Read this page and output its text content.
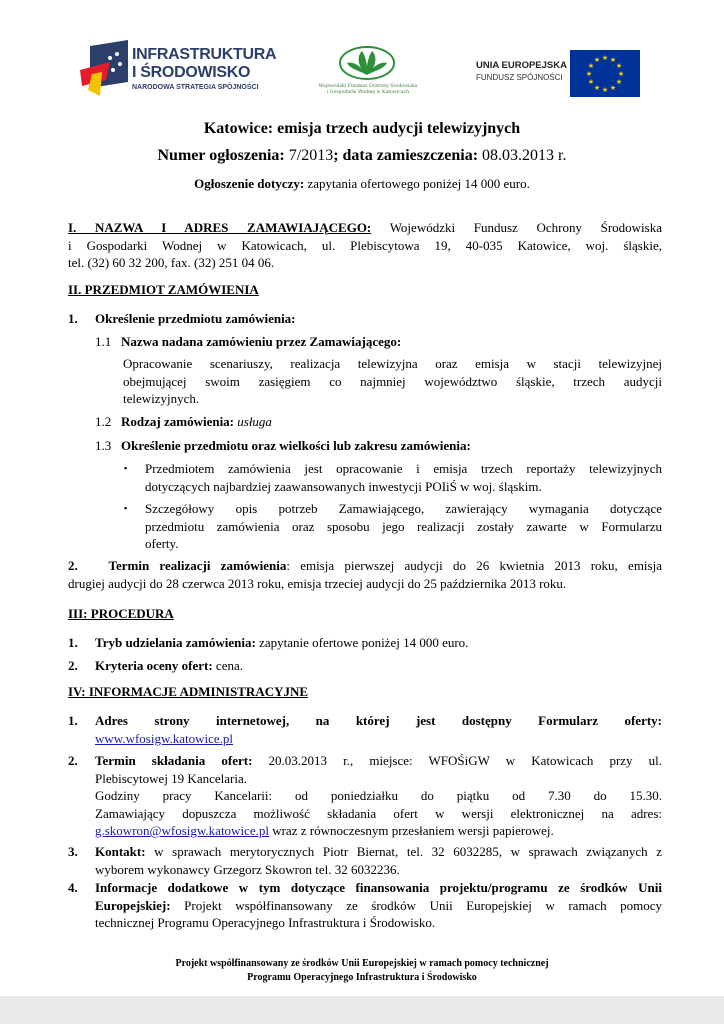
INFRASTRUKTURA
I ŚRODOWISKO
NARODOWA STRATEGIA SPÓJNOŚCI	Wojewódzki Fundusz Ochrony Środowiska
i Gospodarki Wodnej w Katowicach
UNIA EUROPEJSKA
FUNDUSZ SPÓJNOŚCI
★ ★
★
★
★
★
★
★
★
★
★
★
Katowice: emisja trzech audycji telewizyjnych
Numer ogłoszenia: 7/2013; data zamieszczenia: 08.03.2013 r.
Ogłoszenie dotyczy: zapytania ofertowego poniżej 14 000 euro.
I. NAZWA I ADRES ZAMAWIAJĄCEGO: Wojewódzki Fundusz Ochrony Środowiska
i Gospodarki Wodnej w Katowicach, ul. Plebiscytowa 19, 40-035 Katowice, woj. śląskie,
tel. (32) 60 32 200, fax. (32) 251 04 06.
II. PRZEDMIOT ZAMÓWIENIA
1. Określenie przedmiotu zamówienia:
1.1 Nazwa nadana zamówieniu przez Zamawiającego:
Opracowanie scenariuszy, realizacja telewizyjna oraz emisja w stacji telewizyjnej
obejmującej swoim zasięgiem co najmniej województwo śląskie, trzech audycji
telewizyjnych.
1.2 Rodzaj zamówienia: usługa
1.3 Określenie przedmiotu oraz wielkości lub zakresu zamówienia:
▪ Przedmiotem zamówienia jest opracowanie i emisja trzech reportaży telewizyjnych
dotyczących najbardziej zaawansowanych inwestycji POIiŚ w woj. śląskim.
▪ Szczegółowy opis potrzeb Zamawiającego, zawierający wymagania dotyczące
przedmiotu zamówienia oraz sposobu jego realizacji zostały zawarte w Formularzu
oferty.
2. Termin realizacji zamówienia: emisja pierwszej audycji do 26 kwietnia 2013 roku, emisja
drugiej audycji do 28 czerwca 2013 roku, emisja trzeciej audycji do 25 października 2013 roku.
III: PROCEDURA
1. Tryb udzielania zamówienia: zapytanie ofertowe poniżej 14 000 euro.
2. Kryteria oceny ofert: cena.
IV: INFORMACJE ADMINISTRACYJNE
1. Adres strony internetowej, na której jest dostępny Formularz oferty:
www.wfosigw.katowice.pl
2. Termin składania ofert: 20.03.2013 r., miejsce: WFOŚiGW w Katowicach przy ul.
Plebiscytowej 19 Kancelaria.
Godziny pracy Kancelarii: od poniedziałku do piątku od 7.30 do 15.30.
Zamawiający dopuszcza możliwość składania ofert w wersji elektronicznej na adres:
g.skowron@wfosigw.katowice.pl wraz z równoczesnym przesłaniem wersji papierowej.
3. Kontakt: w sprawach merytorycznych Piotr Biernat, tel. 32 6032285, w sprawach związanych z
wyborem wykonawcy Grzegorz Skowron tel. 32 6032236.
4. Informacje dodatkowe w tym dotyczące finansowania projektu/programu ze środków Unii
Europejskiej: Projekt współfinansowany ze środków Unii Europejskiej w ramach pomocy
technicznej Programu Operacyjnego Infrastruktura i Środowisko.
Projekt współfinansowany ze środków Unii Europejskiej w ramach pomocy technicznej
Programu Operacyjnego Infrastruktura i Środowisko
